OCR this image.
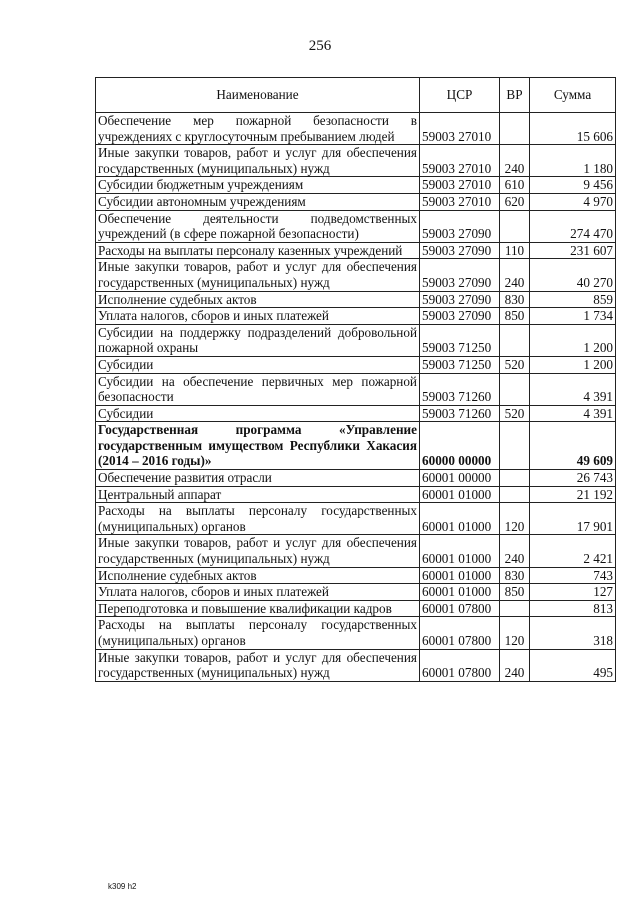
256
Наименование	ЦСР	ВР	Сумма
Обеспечение мер пожарной безопасности в учреждениях с круглосуточным пребыванием людей	59003 27010		15 606
Иные закупки товаров, работ и услуг для обеспечения государственных (муниципальных) нужд	59003 27010	240	1 180
Субсидии бюджетным учреждениям	59003 27010	610	9 456
Субсидии автономным учреждениям	59003 27010	620	4 970
Обеспечение деятельности подведомственных учреждений (в сфере пожарной безопасности)	59003 27090		274 470
Расходы на выплаты персоналу казенных учреждений	59003 27090	110	231 607
Иные закупки товаров, работ и услуг для обеспечения государственных (муниципальных) нужд	59003 27090	240	40 270
Исполнение судебных актов	59003 27090	830	859
Уплата налогов, сборов и иных платежей	59003 27090	850	1 734
Субсидии на поддержку подразделений добровольной пожарной охраны	59003 71250		1 200
Субсидии	59003 71250	520	1 200
Субсидии на обеспечение первичных мер пожарной безопасности	59003 71260		4 391
Субсидии	59003 71260	520	4 391
Государственная программа «Управление государственным имуществом Республики Хакасия (2014 – 2016 годы)»	60000 00000		49 609
Обеспечение развития отрасли	60001 00000		26 743
Центральный аппарат	60001 01000		21 192
Расходы на выплаты персоналу государственных (муниципальных) органов	60001 01000	120	17 901
Иные закупки товаров, работ и услуг для обеспечения государственных (муниципальных) нужд	60001 01000	240	2 421
Исполнение судебных актов	60001 01000	830	743
Уплата налогов, сборов и иных платежей	60001 01000	850	127
Переподготовка и повышение квалификации кадров	60001 07800		813
Расходы на выплаты персоналу государственных (муниципальных) органов	60001 07800	120	318
Иные закупки товаров, работ и услуг для обеспечения государственных (муниципальных) нужд	60001 07800	240	495
k309 h2
